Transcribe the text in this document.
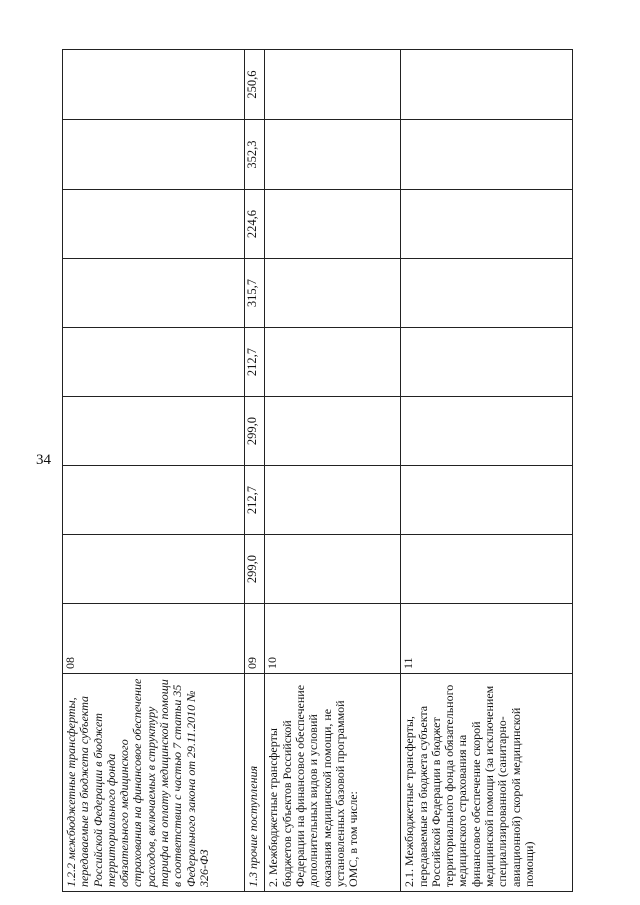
34
1.2.2 межбюджетные трансферты, передаваемые из бюджета субъекта Российской Федерации в бюджет территориального фонда обязательного медицинского страхования на финансовое обеспечение расходов, включаемых в структуру тарифа на оплату медицинской помощи в соответствии с частью 7 статьи 35 Федерального закона от 29.11.2010 № 326-ФЗ	08								
1.3 прочие поступления	09	299,0	212,7	299,0	212,7	315,7	224,6	352,3	250,6
2. Межбюджетные трансферты бюджетов субъектов Российской Федерации на финансовое обеспечение дополнительных видов и условий оказания медицинской помощи, не установленных базовой программой ОМС, в том числе:	10								
2.1. Межбюджетные трансферты, передаваемые из бюджета субъекта Российской Федерации в бюджет территориального фонда обязательного медицинского страхования на финансовое обеспечение скорой медицинской помощи (за исключением специализированной (санитарно-авиационной) скорой медицинской помощи)	11								
